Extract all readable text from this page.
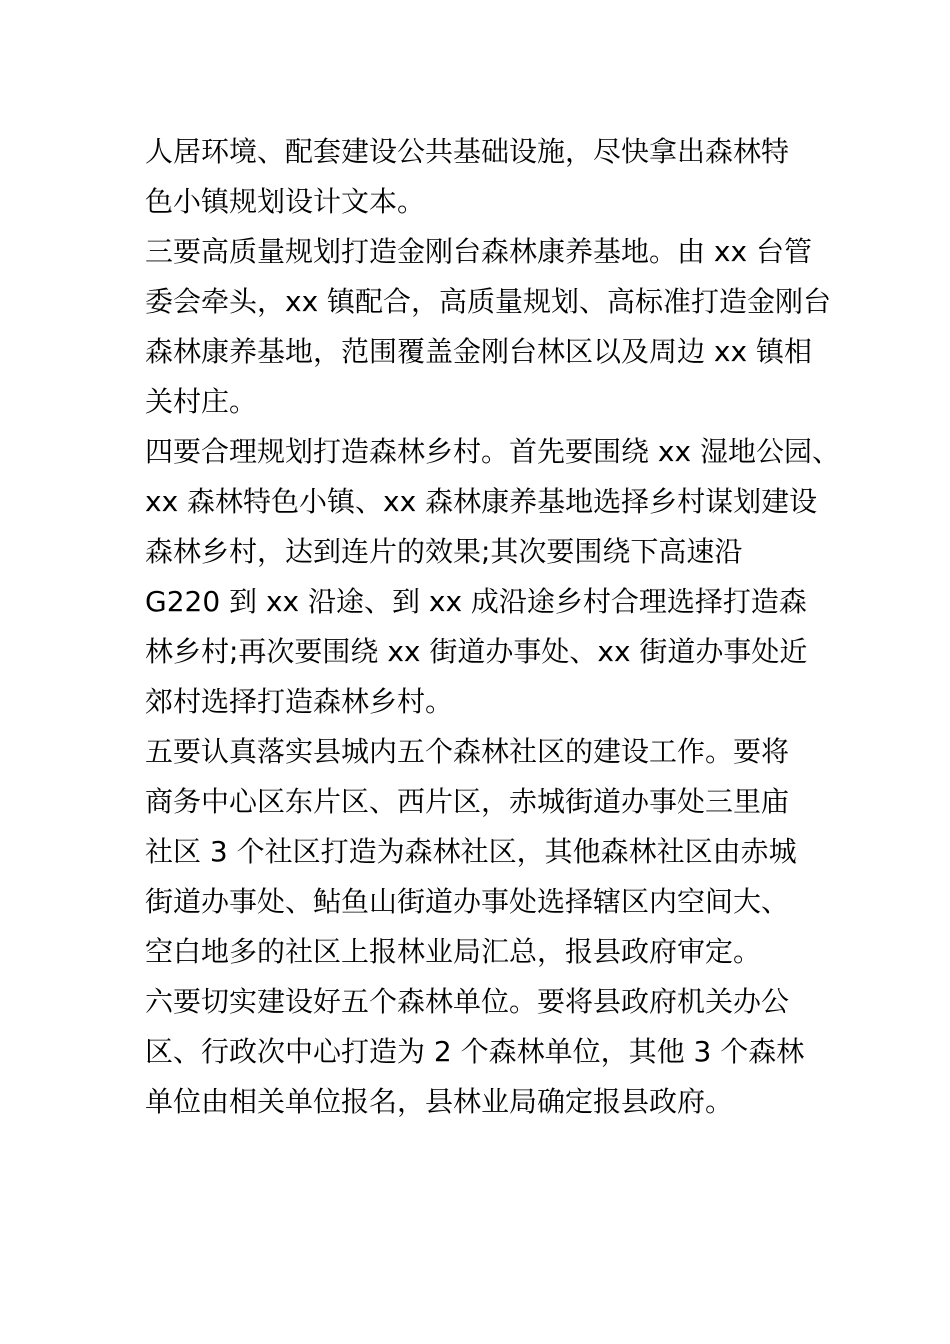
人居环境、配套建设公共基础设施，尽快拿出森林特
色小镇规划设计文本。
三要高质量规划打造金刚台森林康养基地。由 xx 台管
委会牵头，xx 镇配合，高质量规划、高标准打造金刚台
森林康养基地，范围覆盖金刚台林区以及周边 xx 镇相
关村庄。
四要合理规划打造森林乡村。首先要围绕 xx 湿地公园、
xx 森林特色小镇、xx 森林康养基地选择乡村谋划建设
森林乡村，达到连片的效果;其次要围绕下高速沿
G220 到 xx 沿途、到 xx 成沿途乡村合理选择打造森
林乡村;再次要围绕 xx 街道办事处、xx 街道办事处近
郊村选择打造森林乡村。
五要认真落实县城内五个森林社区的建设工作。要将
商务中心区东片区、西片区，赤城街道办事处三里庙
社区 3 个社区打造为森林社区，其他森林社区由赤城
街道办事处、鲇鱼山街道办事处选择辖区内空间大、
空白地多的社区上报林业局汇总，报县政府审定。
六要切实建设好五个森林单位。要将县政府机关办公
区、行政次中心打造为 2 个森林单位，其他 3 个森林
单位由相关单位报名，县林业局确定报县政府。
